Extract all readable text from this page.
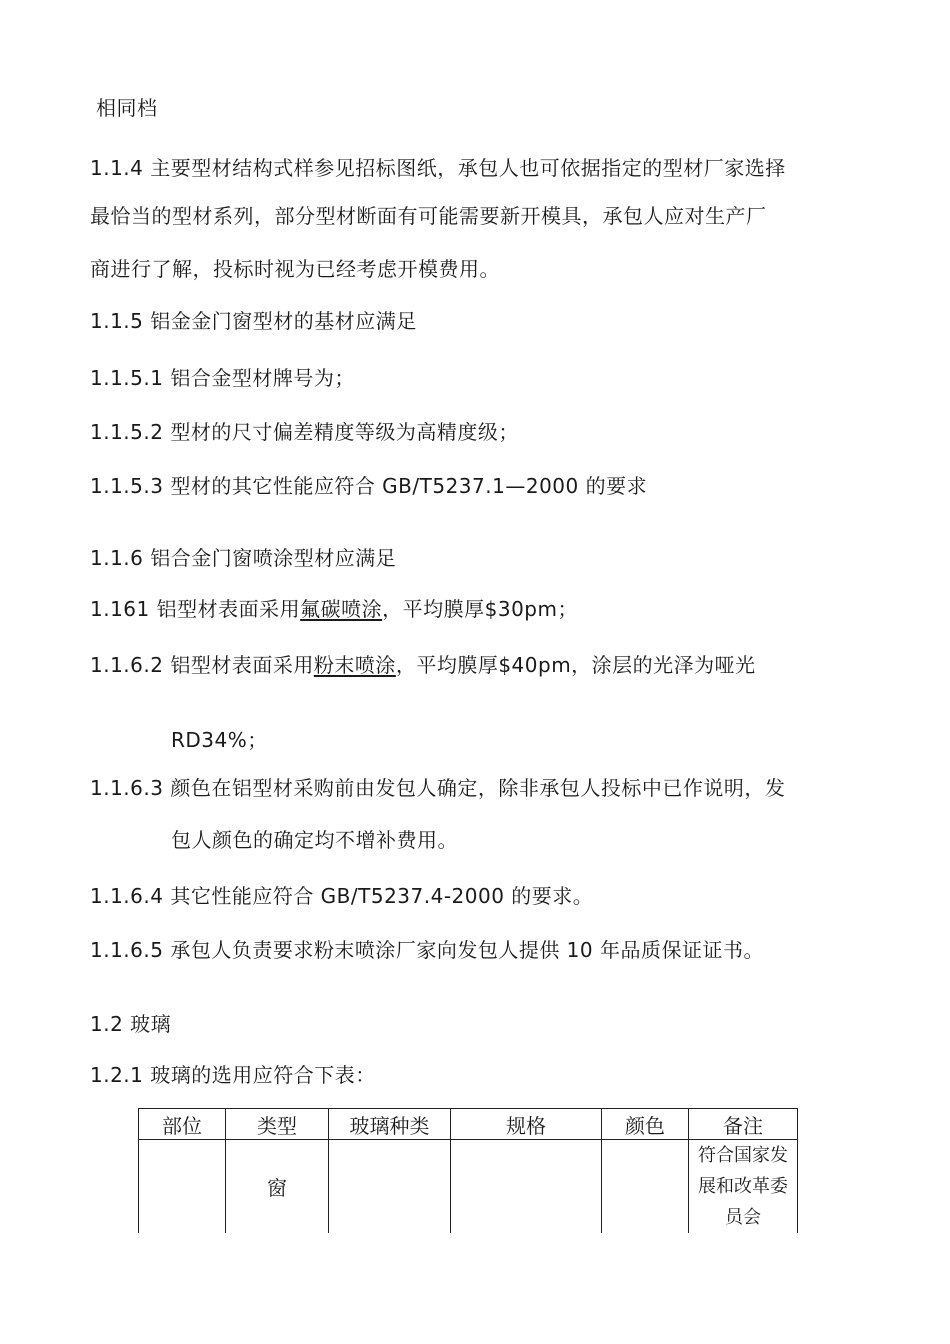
相同档
1.1.4 主要型材结构式样参见招标图纸，承包人也可依据指定的型材厂家选择
最恰当的型材系列，部分型材断面有可能需要新开模具，承包人应对生产厂
商进行了解，投标时视为已经考虑开模费用。
1.1.5 铝金金门窗型材的基材应满足
1.1.5.1 铝合金型材牌号为；
1.1.5.2 型材的尺寸偏差精度等级为高精度级；
1.1.5.3 型材的其它性能应符合 GB/T5237.1—2000 的要求
1.1.6 铝合金门窗喷涂型材应满足
1.161 铝型材表面采用氟碳喷涂，平均膜厚$30pm；
1.1.6.2 铝型材表面采用粉末喷涂，平均膜厚$40pm，涂层的光泽为哑光
RD34%；
1.1.6.3 颜色在铝型材采购前由发包人确定，除非承包人投标中已作说明，发
包人颜色的确定均不增补费用。
1.1.6.4 其它性能应符合 GB/T5237.4-2000 的要求。
1.1.6.5 承包人负责要求粉末喷涂厂家向发包人提供 10 年品质保证证书。
1.2 玻璃
1.2.1 玻璃的选用应符合下表：
部位	类型	玻璃种类	规格	颜色	备注
	窗				符合国家发
展和改革委
员会
